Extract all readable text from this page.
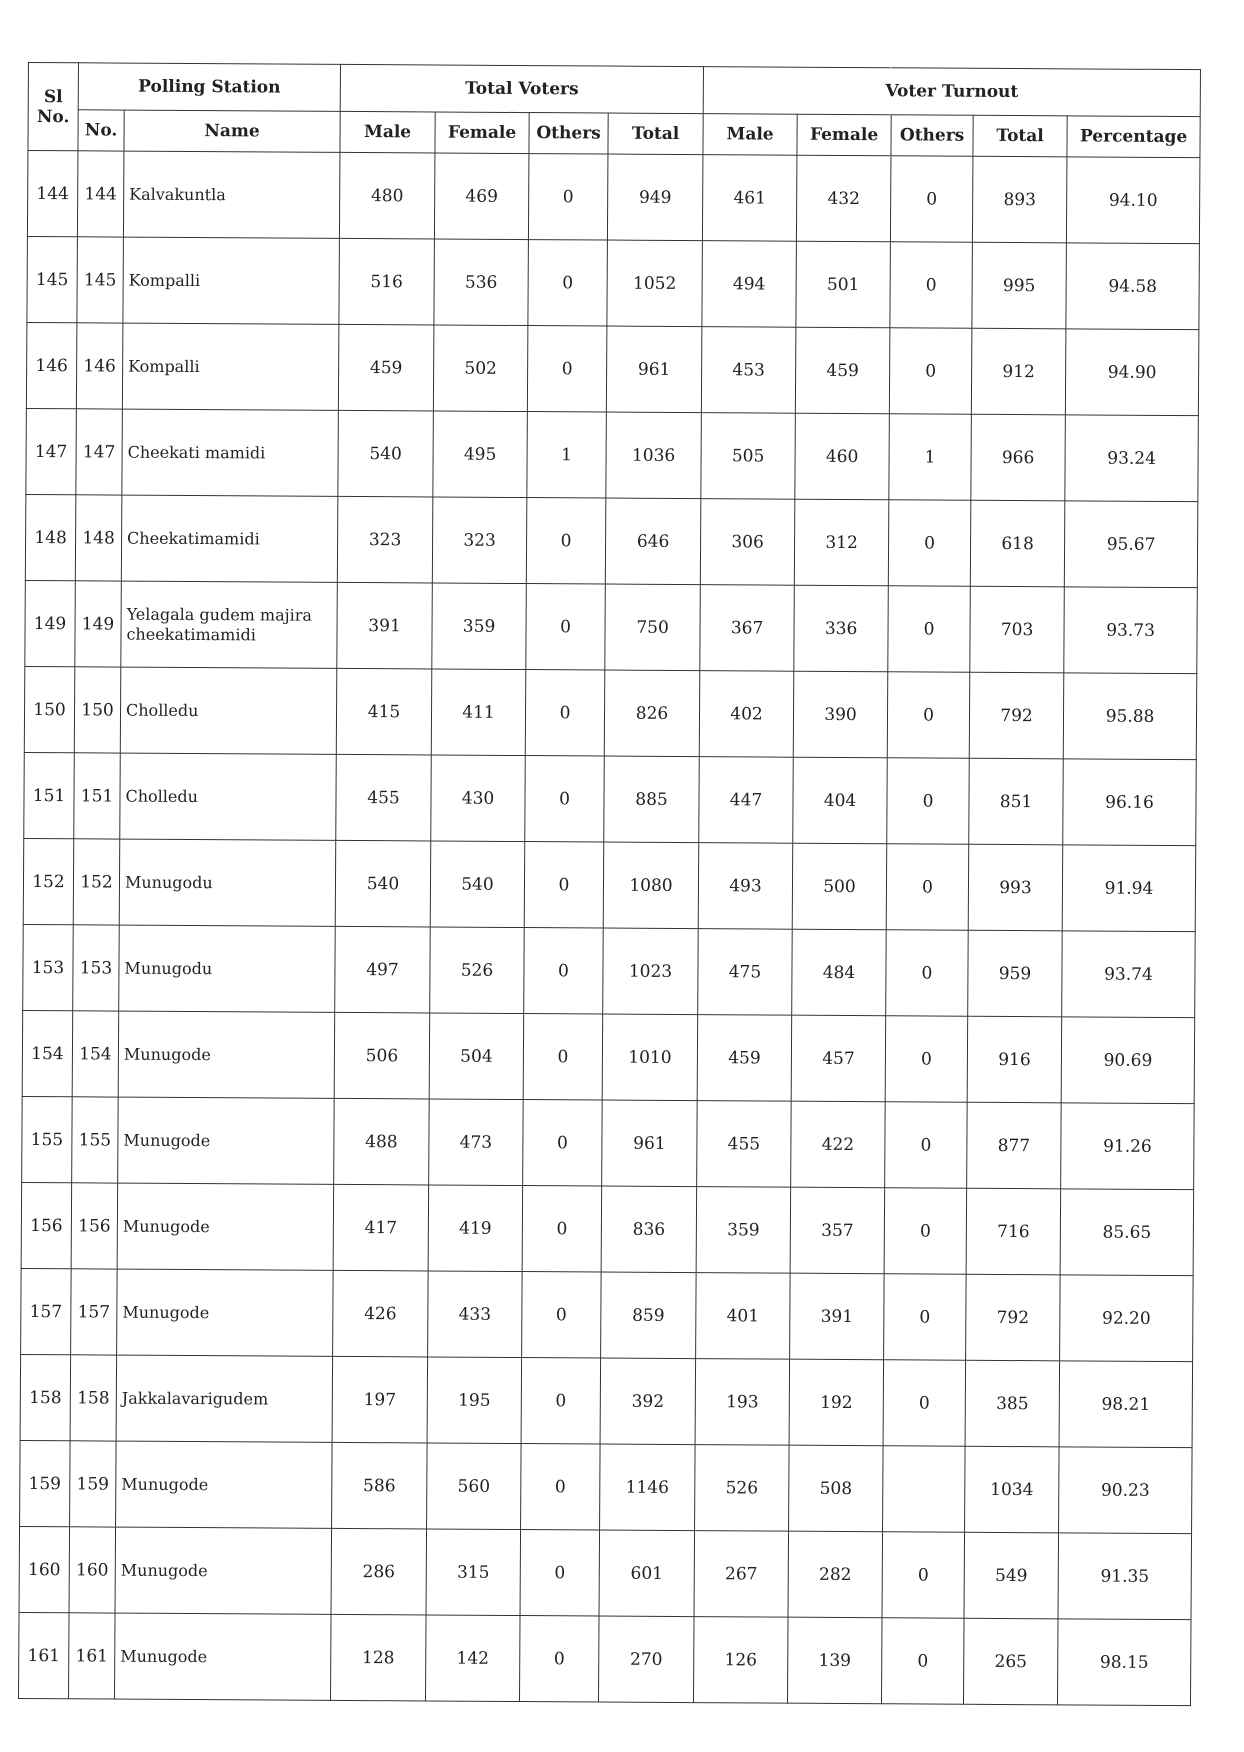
Sl No.	Polling Station		Total Voters				Voter Turnout				
	No.	Name	Male	Female	Others	Total	Male	Female	Others	Total	Percentage
144	144	Kalvakuntla	480	469	0	949	461	432	0	893	94.10
145	145	Kompalli	516	536	0	1052	494	501	0	995	94.58
146	146	Kompalli	459	502	0	961	453	459	0	912	94.90
147	147	Cheekati mamidi	540	495	1	1036	505	460	1	966	93.24
148	148	Cheekatimamidi	323	323	0	646	306	312	0	618	95.67
149	149	Yelagala gudem majira cheekatimamidi	391	359	0	750	367	336	0	703	93.73
150	150	Cholledu	415	411	0	826	402	390	0	792	95.88
151	151	Cholledu	455	430	0	885	447	404	0	851	96.16
152	152	Munugodu	540	540	0	1080	493	500	0	993	91.94
153	153	Munugodu	497	526	0	1023	475	484	0	959	93.74
154	154	Munugode	506	504	0	1010	459	457	0	916	90.69
155	155	Munugode	488	473	0	961	455	422	0	877	91.26
156	156	Munugode	417	419	0	836	359	357	0	716	85.65
157	157	Munugode	426	433	0	859	401	391	0	792	92.20
158	158	Jakkalavarigudem	197	195	0	392	193	192	0	385	98.21
159	159	Munugode	586	560	0	1146	526	508		1034	90.23
160	160	Munugode	286	315	0	601	267	282	0	549	91.35
161	161	Munugode	128	142	0	270	126	139	0	265	98.15
